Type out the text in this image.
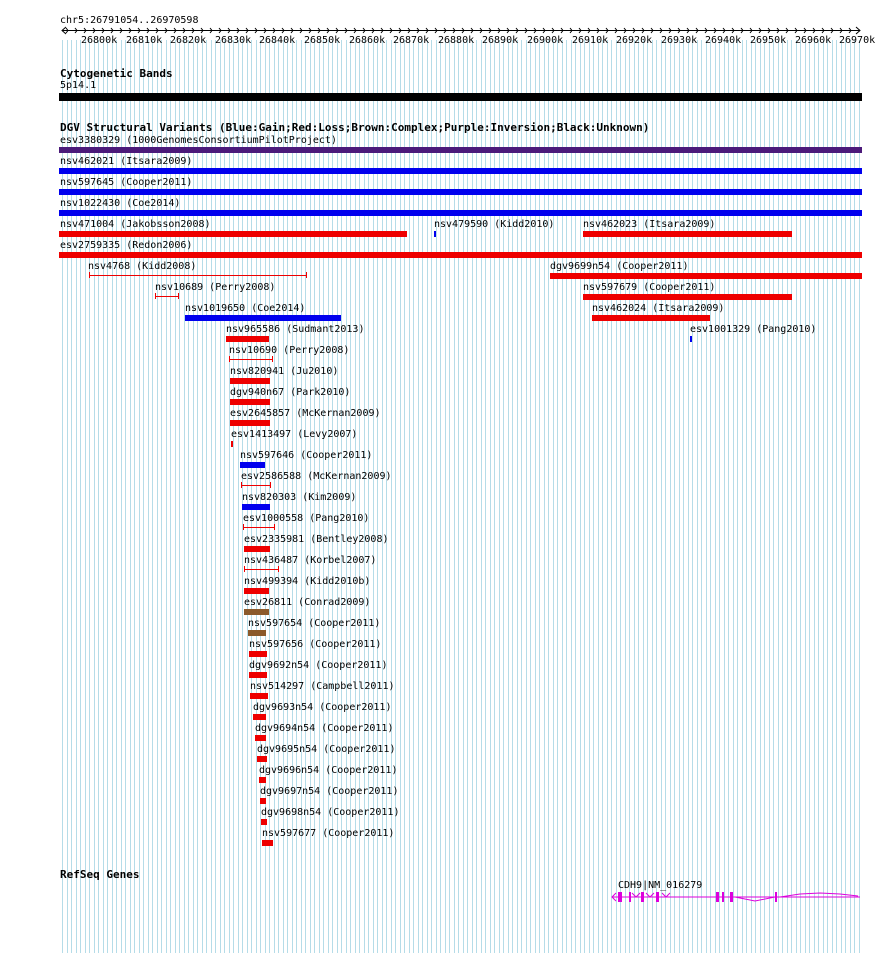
chr5:26791054..26970598
26800k 26810k 26820k 26830k 26840k 26850k 26860k 26870k 26880k 26890k 26900k 26910k 26920k 26930k 26940k 26950k 26960k 26970k
Cytogenetic Bands
5p14.1
DGV Structural Variants (Blue:Gain;Red:Loss;Brown:Complex;Purple:Inversion;Black:Unknown)
esv3380329 (1000GenomesConsortiumPilotProject)
nsv462021 (Itsara2009)
nsv597645 (Cooper2011)
nsv1022430 (Coe2014)
nsv471004 (Jakobsson2008)	nsv479590 (Kidd2010)	nsv462023 (Itsara2009)
esv2759335 (Redon2006)
nsv4768 (Kidd2008)	dgv9699n54 (Cooper2011)
nsv10689 (Perry2008)	nsv597679 (Cooper2011)
nsv1019650 (Coe2014)	nsv462024 (Itsara2009)
nsv965586 (Sudmant2013)	esv1001329 (Pang2010)
nsv10690 (Perry2008)
nsv820941 (Ju2010)
dgv940n67 (Park2010)
esv2645857 (McKernan2009)
esv1413497 (Levy2007)
nsv597646 (Cooper2011)
esv2586588 (McKernan2009)
nsv820303 (Kim2009)
esv1000558 (Pang2010)
esv2335981 (Bentley2008)
nsv436487 (Korbel2007)
nsv499394 (Kidd2010b)
esv26811 (Conrad2009)
nsv597654 (Cooper2011)
nsv597656 (Cooper2011)
dgv9692n54 (Cooper2011)
nsv514297 (Campbell2011)
dgv9693n54 (Cooper2011)
dgv9694n54 (Cooper2011)
dgv9695n54 (Cooper2011)
dgv9696n54 (Cooper2011)
dgv9697n54 (Cooper2011)
dgv9698n54 (Cooper2011)
nsv597677 (Cooper2011)
RefSeq Genes
CDH9|NM_016279
